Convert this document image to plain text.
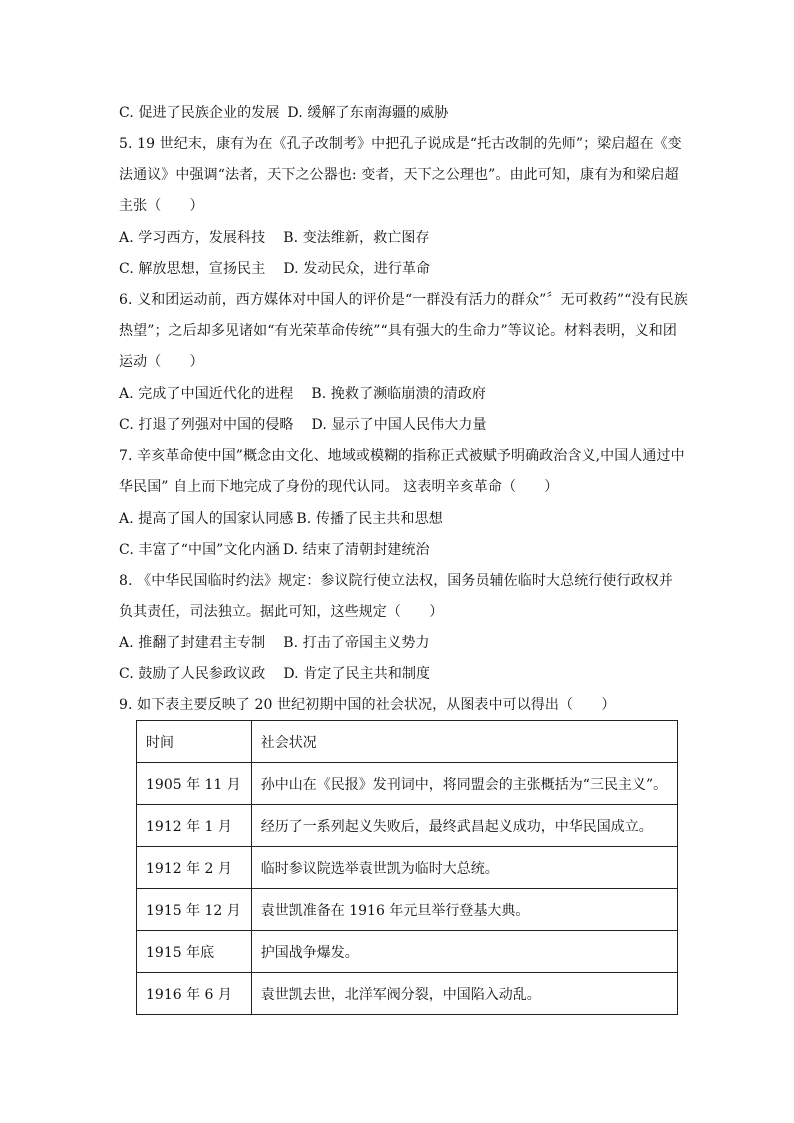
C. 促进了民族企业的发展 D. 缓解了东南海疆的威胁
5. 19 世纪末，康有为在《孔子改制考》中把孔子说成是“托古改制的先师”；梁启超在《变
法通议》中强调“法者，天下之公器也: 变者，天下之公理也”。由此可知，康有为和梁启超
主张（　　）
A. 学习西方，发展科技 B. 变法维新，救亡图存
C. 解放思想，宣扬民主 D. 发动民众，进行革命
6. 义和团运动前，西方媒体对中国人的评价是“一群没有活力的群众”〞无可救药”“没有民族
热望”；之后却多见诸如“有光荣革命传统”“具有强大的生命力”等议论。材料表明，义和团
运动（　　）
A. 完成了中国近代化的进程 B. 挽救了濒临崩溃的清政府
C. 打退了列强对中国的侵略 D. 显示了中国人民伟大力量
7. 辛亥革命使中国”概念由文化、地域或模糊的指称正式被赋予明确政治含义,中国人通过中
华民国” 自上而下地完成了身份的现代认同。 这表明辛亥革命（　　）
A. 提高了国人的国家认同感 B. 传播了民主共和思想
C. 丰富了“中国”文化内涵 D. 结束了清朝封建统治
8. 《中华民国临时约法》规定：参议院行使立法权，国务员辅佐临时大总统行使行政权并
负其责任，司法独立。据此可知，这些规定（　　）
A. 推翻了封建君主专制 B. 打击了帝国主义势力
C. 鼓励了人民参政议政 D. 肯定了民主共和制度
9. 如下表主要反映了 20 世纪初期中国的社会状况，从图表中可以得出（　　）
时间	社会状况
1905 年 11 月	孙中山在《民报》发刊词中，将同盟会的主张概括为“三民主义”。
1912 年 1 月	经历了一系列起义失败后，最终武昌起义成功，中华民国成立。
1912 年 2 月	临时参议院选举袁世凯为临时大总统。
1915 年 12 月	袁世凯准备在 1916 年元旦举行登基大典。
1915 年底	护国战争爆发。
1916 年 6 月	袁世凯去世，北洋军阀分裂，中国陷入动乱。
